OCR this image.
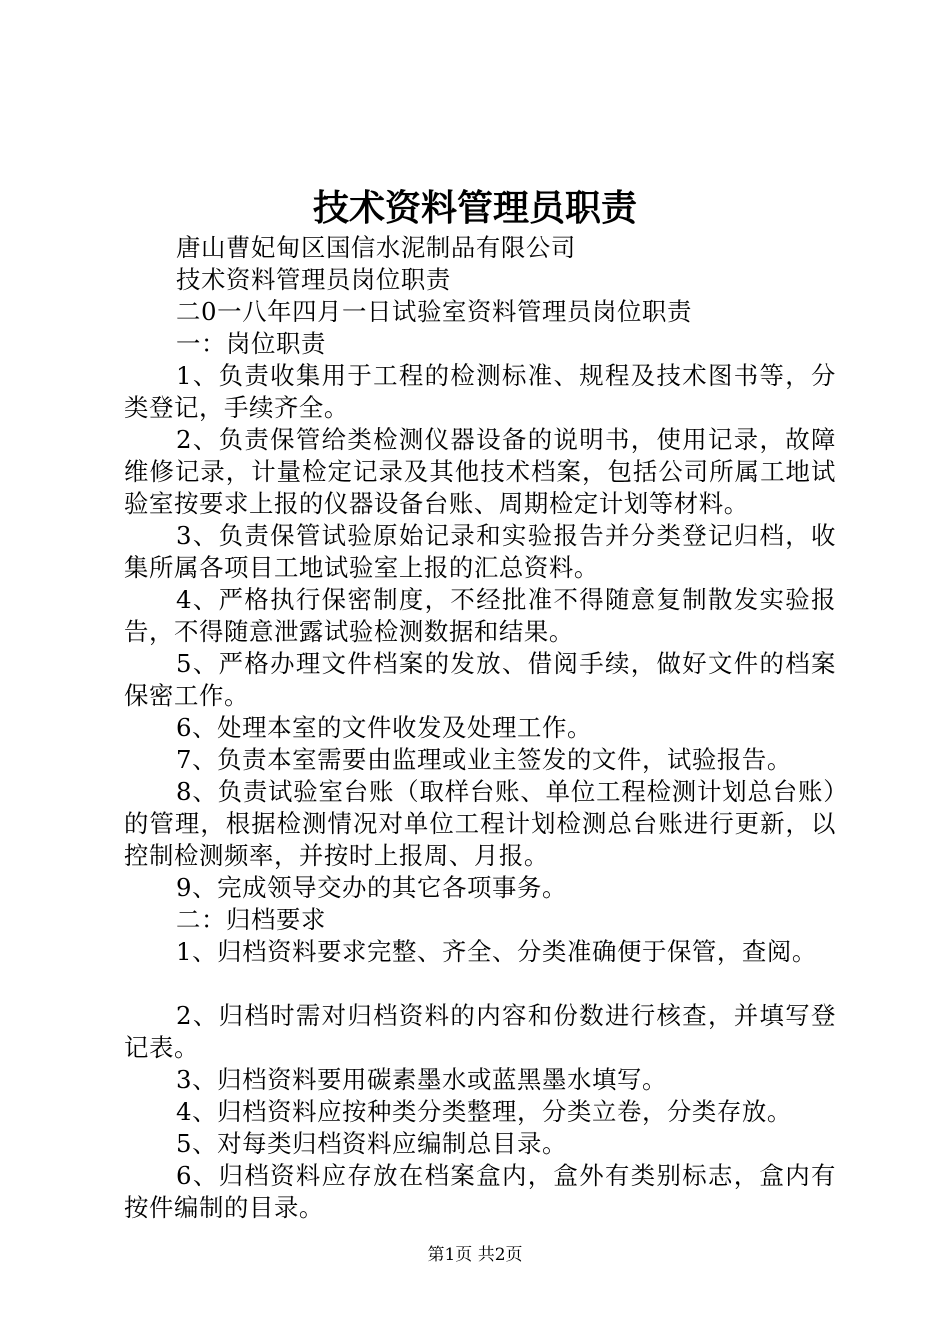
技术资料管理员职责
唐山曹妃甸区国信水泥制品有限公司
技术资料管理员岗位职责
二0一八年四月一日试验室资料管理员岗位职责
一：岗位职责
1、负责收集用于工程的检测标准、规程及技术图书等，分类登记，手续齐全。
2、负责保管给类检测仪器设备的说明书，使用记录，故障维修记录，计量检定记录及其他技术档案，包括公司所属工地试验室按要求上报的仪器设备台账、周期检定计划等材料。
3、负责保管试验原始记录和实验报告并分类登记归档，收集所属各项目工地试验室上报的汇总资料。
4、严格执行保密制度，不经批准不得随意复制散发实验报告，不得随意泄露试验检测数据和结果。
5、严格办理文件档案的发放、借阅手续，做好文件的档案保密工作。
6、处理本室的文件收发及处理工作。
7、负责本室需要由监理或业主签发的文件，试验报告。
8、负责试验室台账（取样台账、单位工程检测计划总台账）的管理，根据检测情况对单位工程计划检测总台账进行更新，以控制检测频率，并按时上报周、月报。
9、完成领导交办的其它各项事务。
二：归档要求
1、归档资料要求完整、齐全、分类准确便于保管，查阅。
2、归档时需对归档资料的内容和份数进行核查，并填写登记表。
3、归档资料要用碳素墨水或蓝黑墨水填写。
4、归档资料应按种类分类整理，分类立卷，分类存放。
5、对每类归档资料应编制总目录。
6、归档资料应存放在档案盒内，盒外有类别标志，盒内有按件编制的目录。
第1页 共2页
